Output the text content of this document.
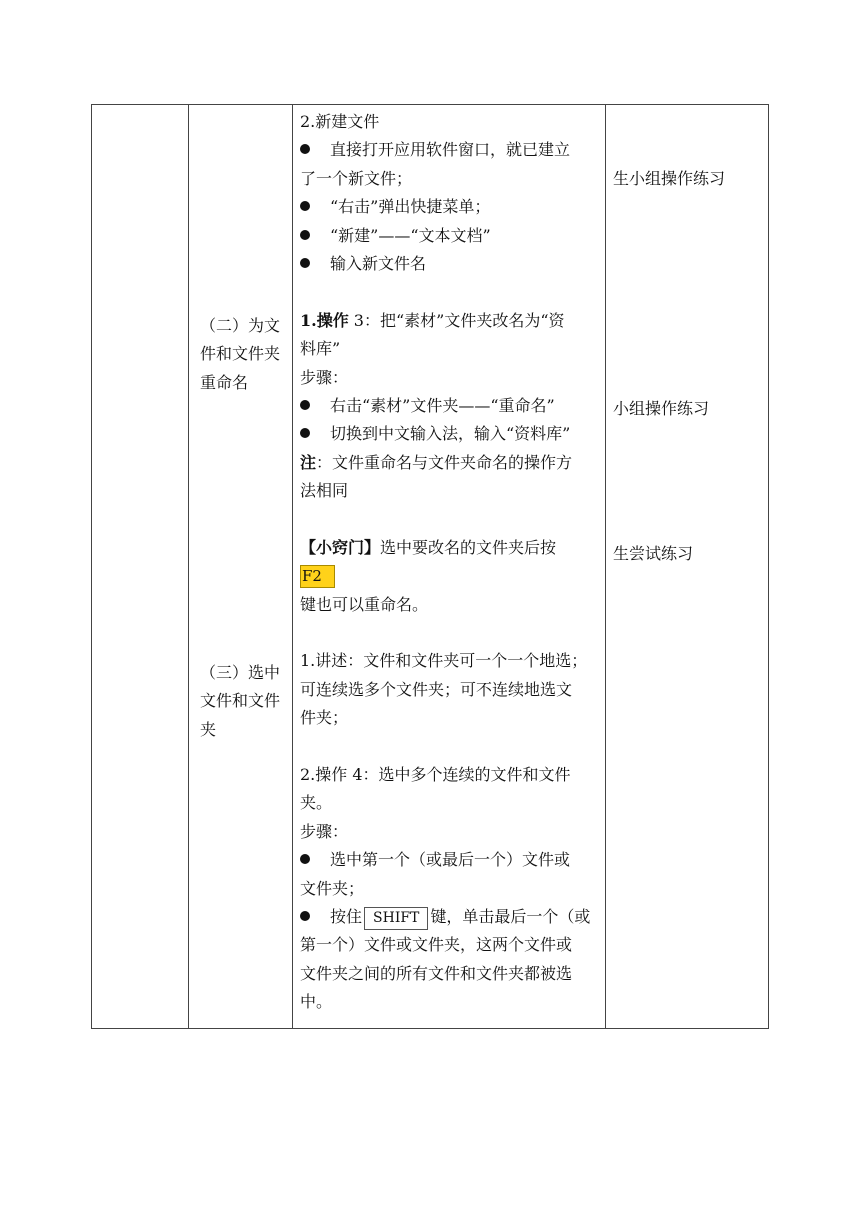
（二）为文
件和文件夹
重命名
（三）选中
文件和文件
夹
2.新建文件
直接打开应用软件窗口，就已建立
了一个新文件；
“右击”弹出快捷菜单；
“新建”——“文本文档”
输入新文件名
1.操作 3：把“素材”文件夹改名为“资
料库”
步骤：
右击“素材”文件夹——“重命名”
切换到中文输入法，输入“资料库”
注：文件重命名与文件夹命名的操作方
法相同
【小窍门】选中要改名的文件夹后按
F2
键也可以重命名。
1.讲述：文件和文件夹可一个一个地选；
可连续选多个文件夹；可不连续地选文
件夹；
2.操作 4：选中多个连续的文件和文件
夹。
步骤：
选中第一个（或最后一个）文件或
文件夹；
按住 SHIFT 键，单击最后一个（或
第一个）文件或文件夹，这两个文件或
文件夹之间的所有文件和文件夹都被选
中。
生小组操作练习
小组操作练习
生尝试练习
